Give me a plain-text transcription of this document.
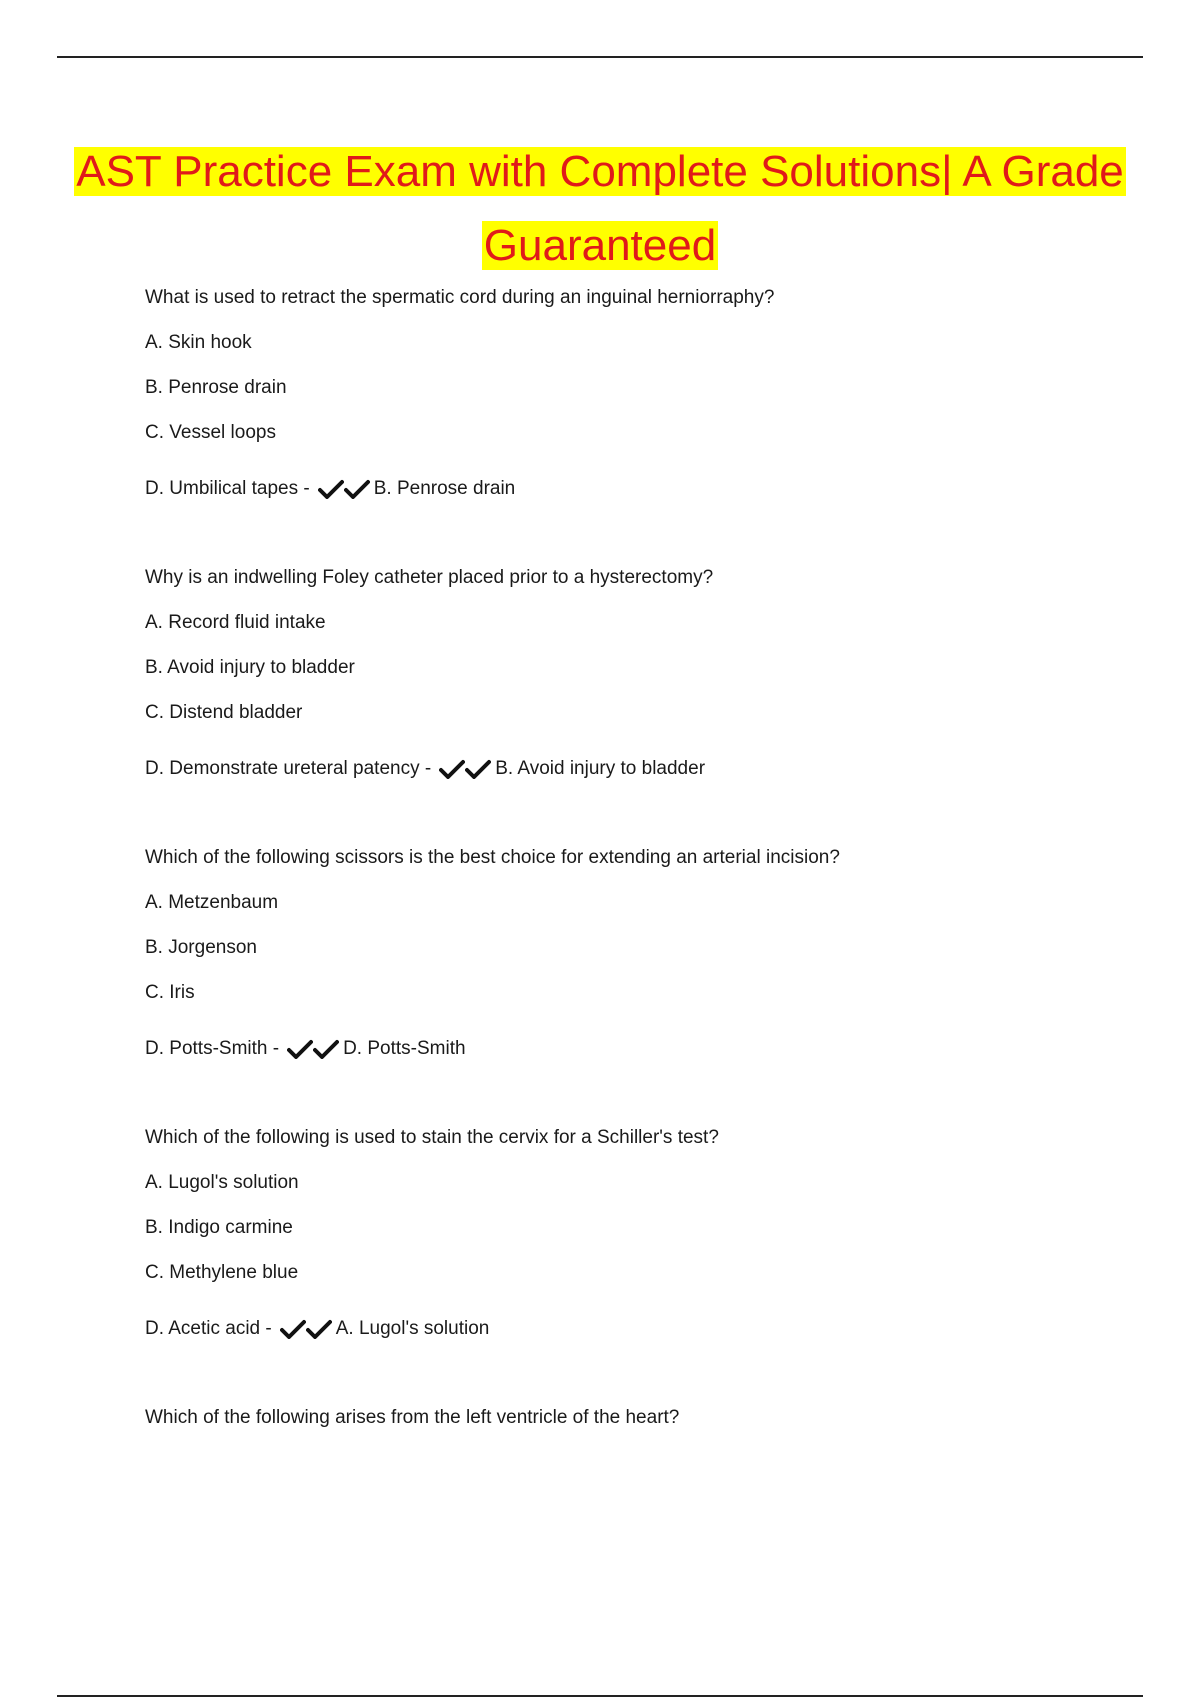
AST Practice Exam with Complete Solutions| A Grade Guaranteed
What is used to retract the spermatic cord during an inguinal herniorraphy?
A. Skin hook
B. Penrose drain
C. Vessel loops
D. Umbilical tapes -	B. Penrose drain
Why is an indwelling Foley catheter placed prior to a hysterectomy?
A. Record fluid intake
B. Avoid injury to bladder
C. Distend bladder
D. Demonstrate ureteral patency -	B. Avoid injury to bladder
Which of the following scissors is the best choice for extending an arterial incision?
A. Metzenbaum
B. Jorgenson
C. Iris
D. Potts-Smith -	D. Potts-Smith
Which of the following is used to stain the cervix for a Schiller's test?
A. Lugol's solution
B. Indigo carmine
C. Methylene blue
D. Acetic acid -	A. Lugol's solution
Which of the following arises from the left ventricle of the heart?
